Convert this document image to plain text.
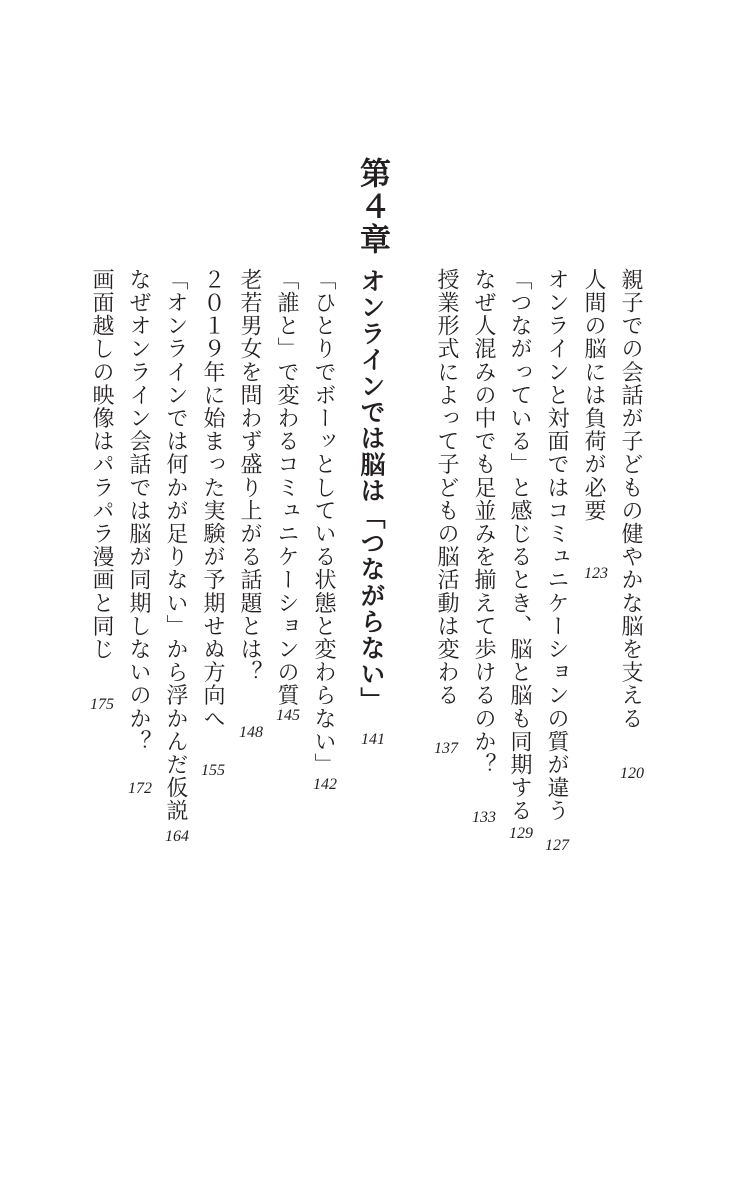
親子での会話が子どもの健やかな脳を支える
120
人間の脳には負荷が必要
123
オンラインと対面ではコミュニケーションの質が違う
127
「つながっている」と感じるとき、脳と脳も同期する
129
なぜ人混みの中でも足並みを揃えて歩けるのか？
133
授業形式によって子どもの脳活動は変わる
137
第４章
オンラインでは脳は「つながらない」
141
「ひとりでボーッとしている状態と変わらない」
142
「誰と」で変わるコミュニケーションの質
145
老若男女を問わず盛り上がる話題とは？
148
２０１９年に始まった実験が予期せぬ方向へ
155
「オンラインでは何かが足りない」から浮かんだ仮説
164
なぜオンライン会話では脳が同期しないのか？
172
画面越しの映像はパラパラ漫画と同じ
175
